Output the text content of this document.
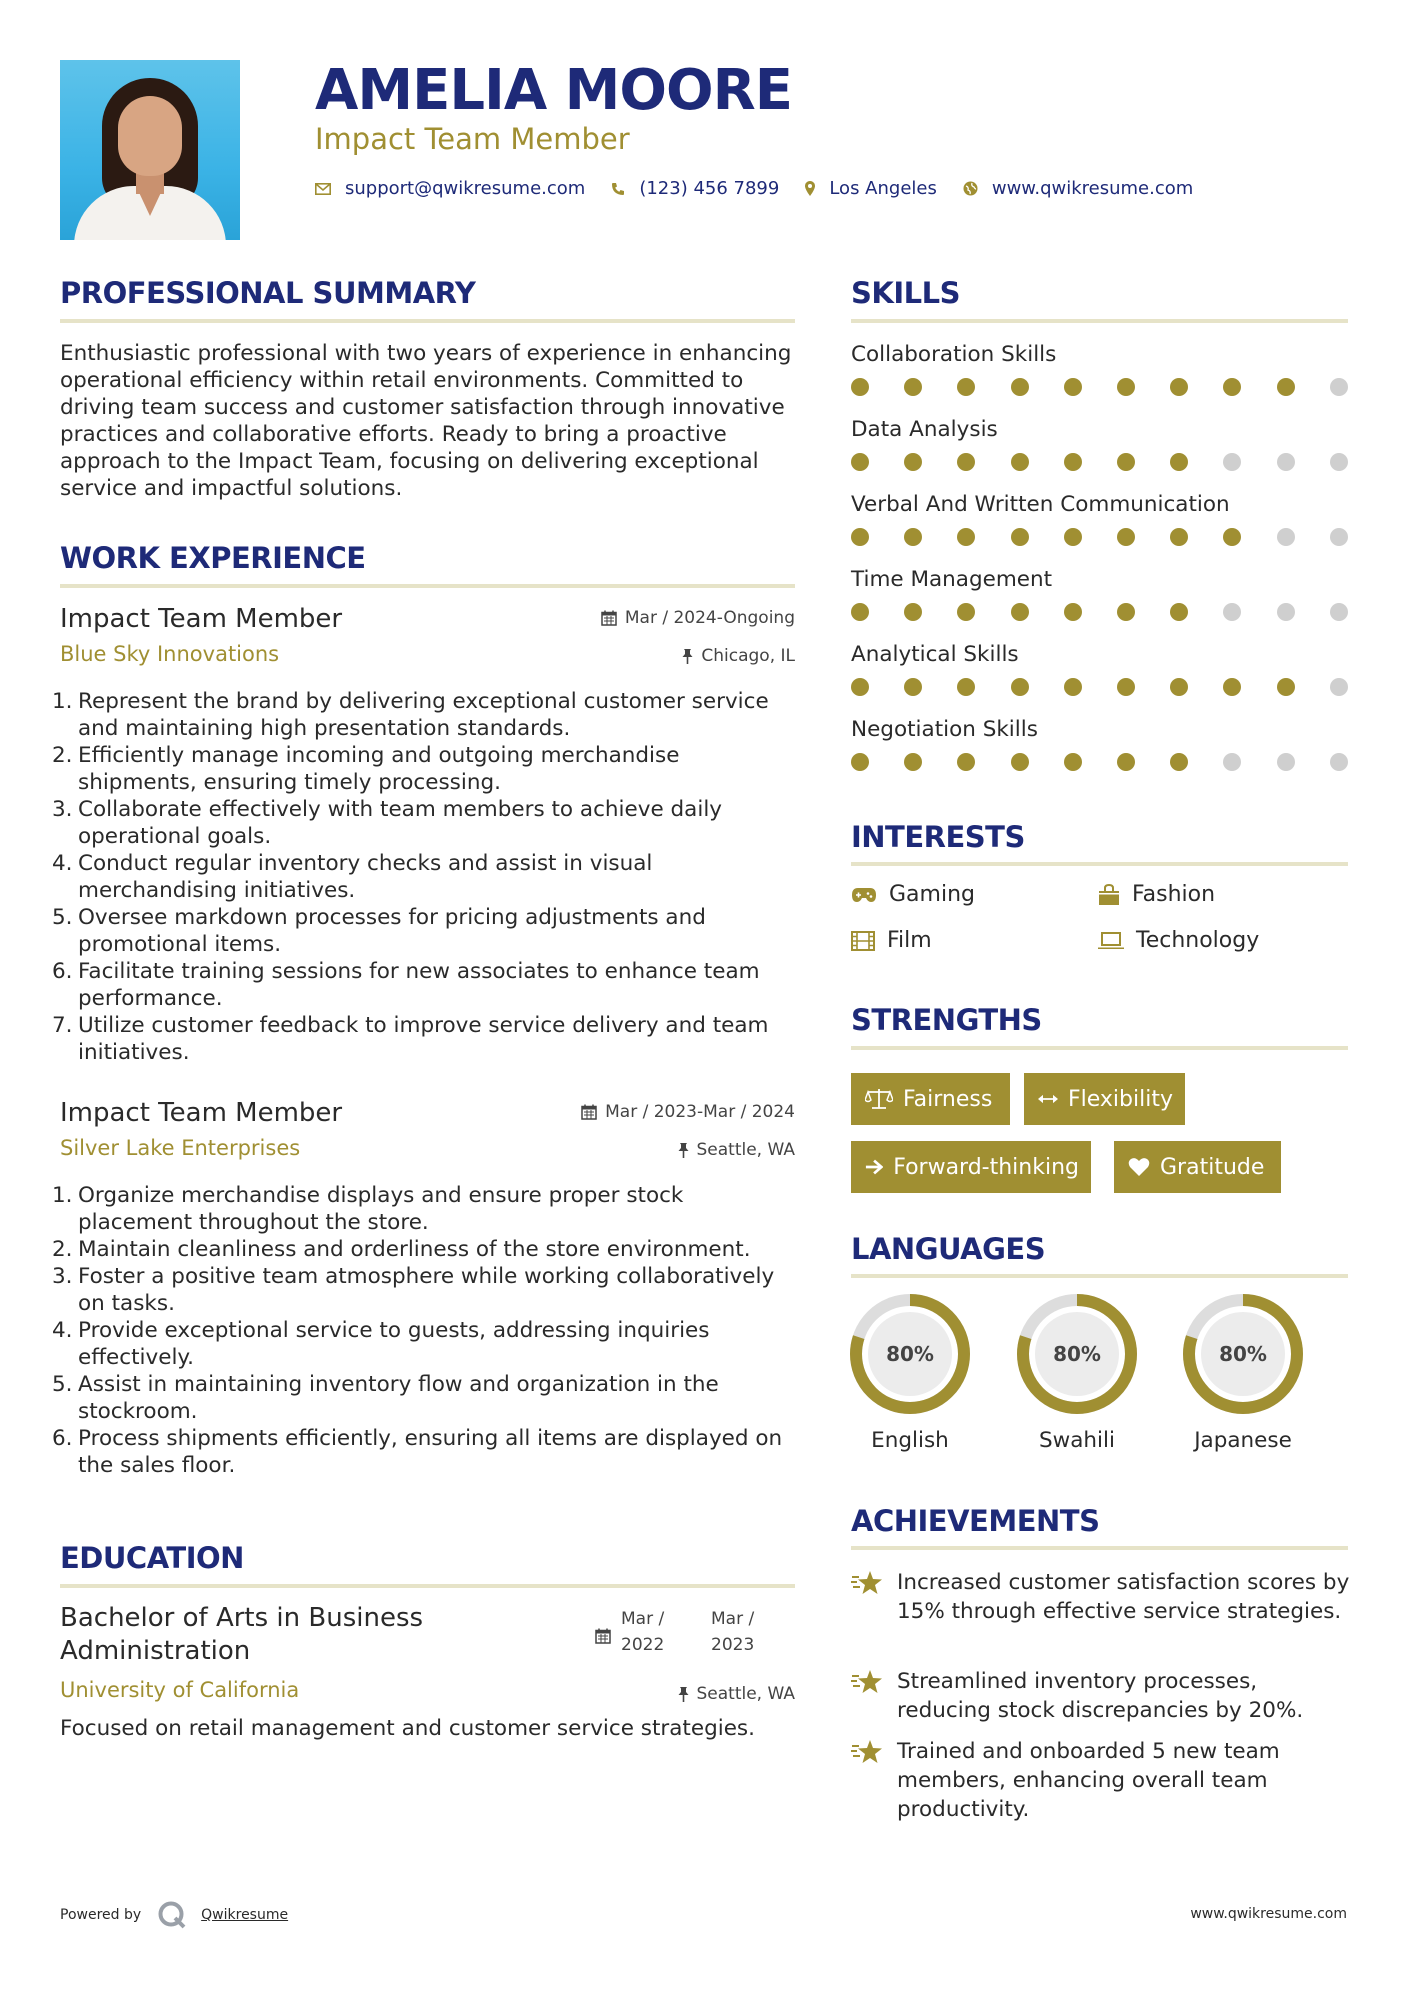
AMELIA MOORE
Impact Team Member
support@qwikresume.com	(123) 456 7899	Los Angeles	www.qwikresume.com
PROFESSIONAL SUMMARY
Enthusiastic professional with two years of experience in enhancing operational efficiency within retail environments. Committed to driving team success and customer satisfaction through innovative practices and collaborative efforts. Ready to bring a proactive approach to the Impact Team, focusing on delivering exceptional service and impactful solutions.
WORK EXPERIENCE
Impact Team Member
Blue Sky Innovations
Mar / 2024-Ongoing
Chicago, IL
1. Represent the brand by delivering exceptional customer service and maintaining high presentation standards.
2. Efficiently manage incoming and outgoing merchandise shipments, ensuring timely processing.
3. Collaborate effectively with team members to achieve daily operational goals.
4. Conduct regular inventory checks and assist in visual merchandising initiatives.
5. Oversee markdown processes for pricing adjustments and promotional items.
6. Facilitate training sessions for new associates to enhance team performance.
7. Utilize customer feedback to improve service delivery and team initiatives.
Impact Team Member
Silver Lake Enterprises
Mar / 2023-Mar / 2024
Seattle, WA
1. Organize merchandise displays and ensure proper stock placement throughout the store.
2. Maintain cleanliness and orderliness of the store environment.
3. Foster a positive team atmosphere while working collaboratively on tasks.
4. Provide exceptional service to guests, addressing inquiries effectively.
5. Assist in maintaining inventory flow and organization in the stockroom.
6. Process shipments efficiently, ensuring all items are displayed on the sales floor.
EDUCATION
Bachelor of Arts in Business Administration
Mar /
2022
Mar /
2023
University of California	Seattle, WA
Focused on retail management and customer service strategies.
SKILLS
Collaboration Skills
Data Analysis
Verbal And Written Communication
Time Management
Analytical Skills
Negotiation Skills
INTERESTS
Gaming	Fashion
Film	Technology
STRENGTHS
Fairness	Flexibility
Forward-thinking	Gratitude
LANGUAGES
80%
English
80%
Swahili
80%
Japanese
ACHIEVEMENTS
Increased customer satisfaction scores by 15% through effective service strategies.
Streamlined inventory processes, reducing stock discrepancies by 20%.
Trained and onboarded 5 new team members, enhancing overall team productivity.
Powered by	Qwikresume	www.qwikresume.com
